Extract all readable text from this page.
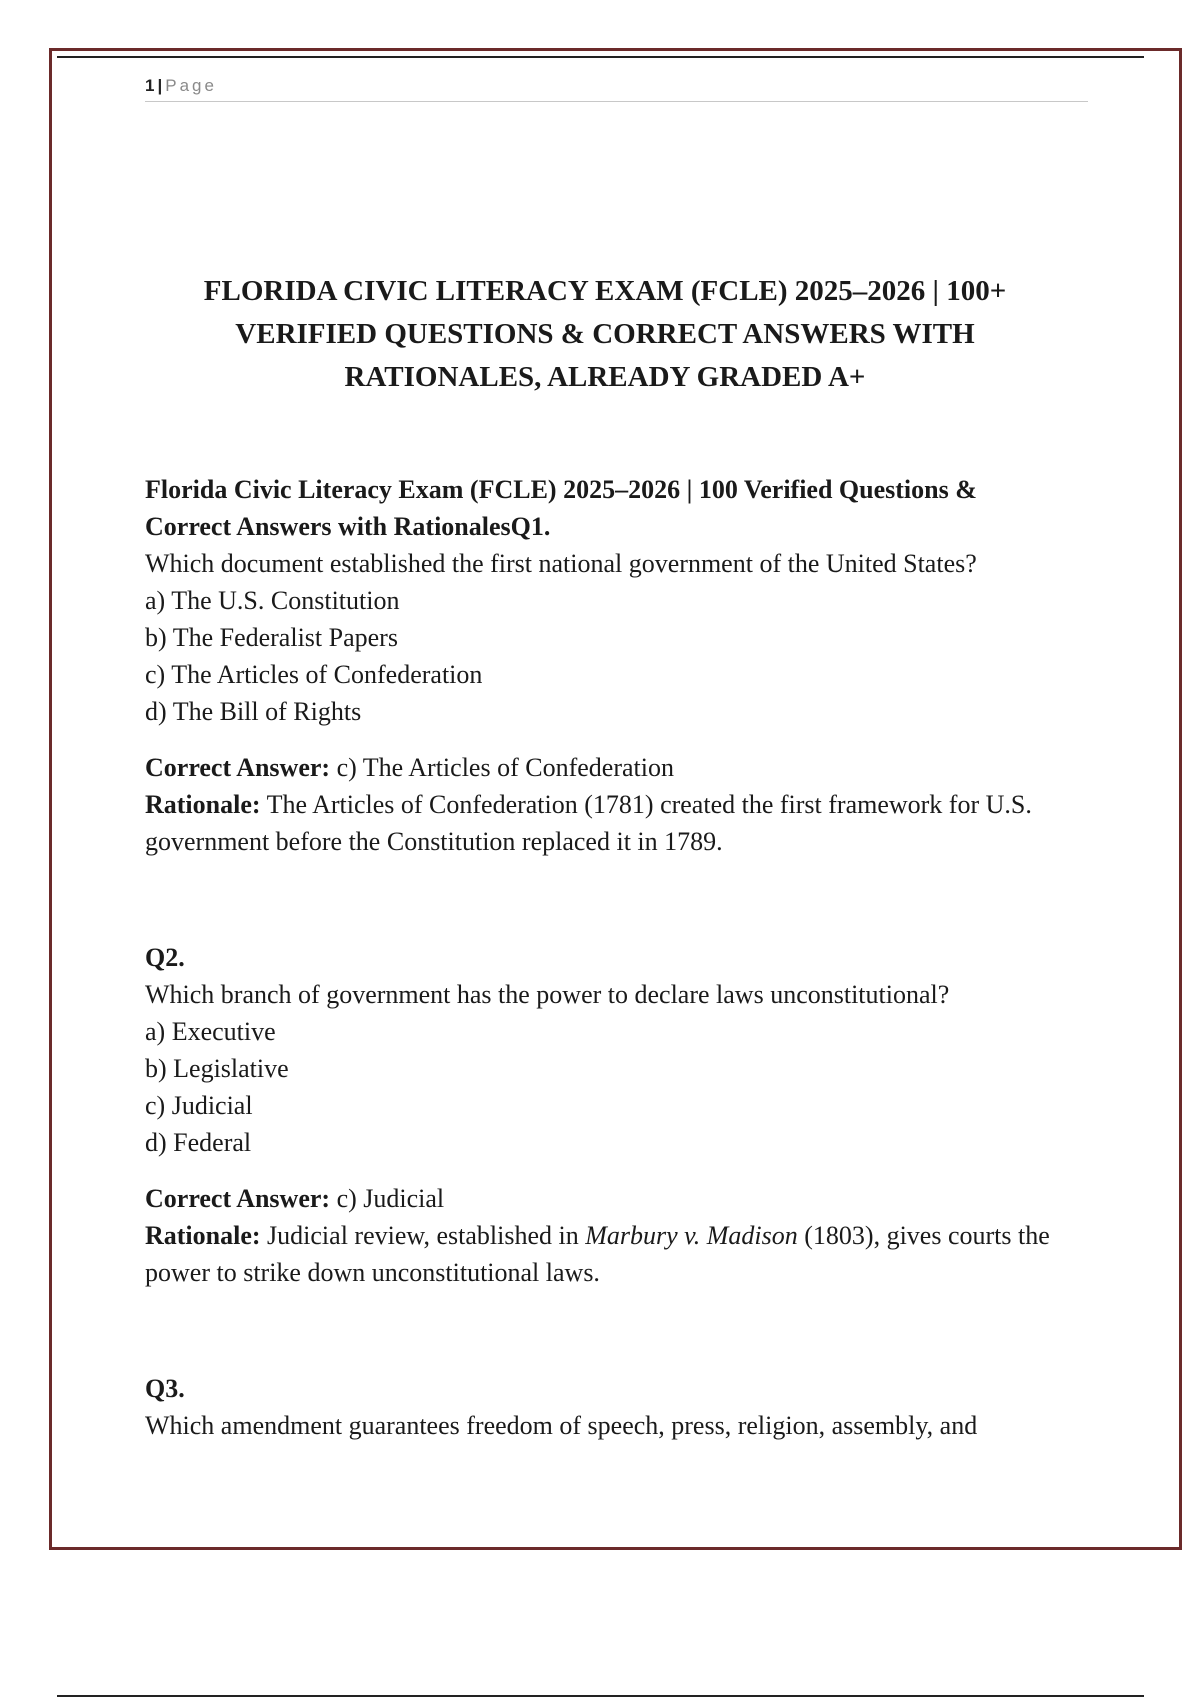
1 | Page
FLORIDA CIVIC LITERACY EXAM (FCLE) 2025–2026 | 100+ VERIFIED QUESTIONS & CORRECT ANSWERS WITH RATIONALES, ALREADY GRADED A+
Florida Civic Literacy Exam (FCLE) 2025–2026 | 100 Verified Questions & Correct Answers with RationalesQ1.

Which document established the first national government of the United States?

a) The U.S. Constitution
b) The Federalist Papers
c) The Articles of Confederation
d) The Bill of Rights
Correct Answer: c) The Articles of Confederation
Rationale: The Articles of Confederation (1781) created the first framework for U.S. government before the Constitution replaced it in 1789.
Q2.

Which branch of government has the power to declare laws unconstitutional?

a) Executive
b) Legislative
c) Judicial
d) Federal
Correct Answer: c) Judicial
Rationale: Judicial review, established in Marbury v. Madison (1803), gives courts the power to strike down unconstitutional laws.
Q3.

Which amendment guarantees freedom of speech, press, religion, assembly, and
